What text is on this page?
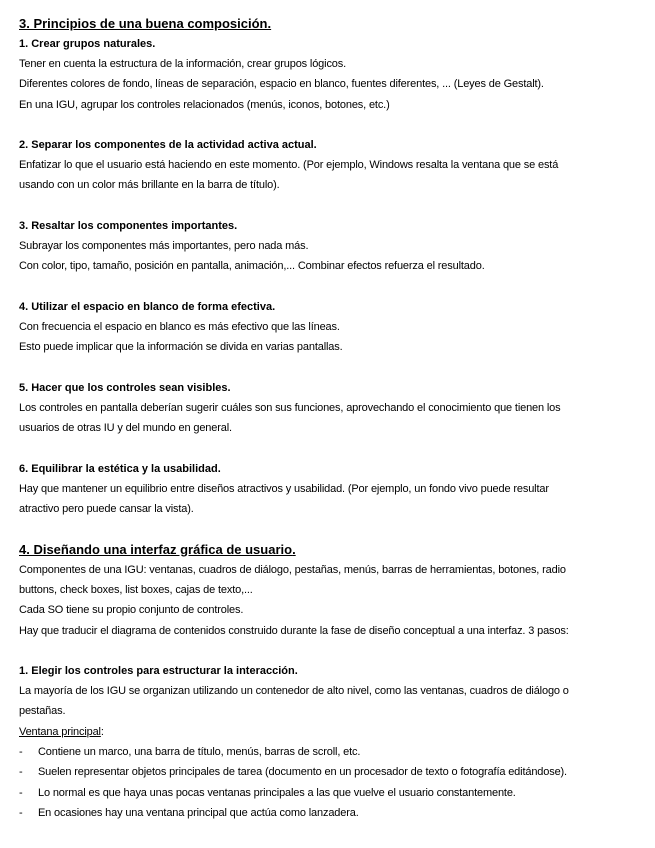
3. Principios de una buena composición.
1. Crear grupos naturales.
Tener en cuenta la estructura de la información, crear grupos lógicos.
Diferentes colores de fondo, líneas de separación, espacio en blanco, fuentes diferentes, ... (Leyes de Gestalt).
En una IGU, agrupar los controles relacionados (menús, iconos, botones, etc.)
2. Separar los componentes de la actividad activa actual.
Enfatizar lo que el usuario está haciendo en este momento. (Por ejemplo, Windows resalta la ventana que se está
usando con un color más brillante en la barra de título).
3. Resaltar los componentes importantes.
Subrayar los componentes más importantes, pero nada más.
Con color, tipo, tamaño, posición en pantalla, animación,... Combinar efectos refuerza el resultado.
4. Utilizar el espacio en blanco de forma efectiva.
Con frecuencia el espacio en blanco es más efectivo que las líneas.
Esto puede implicar que la información se divida en varias pantallas.
5. Hacer que los controles sean visibles.
Los controles en pantalla deberían sugerir cuáles son sus funciones, aprovechando el conocimiento que tienen los
usuarios de otras IU y del mundo en general.
6. Equilibrar la estética y la usabilidad.
Hay que mantener un equilibrio entre diseños atractivos y usabilidad. (Por ejemplo, un fondo vivo puede resultar
atractivo pero puede cansar la vista).
4. Diseñando una interfaz gráfica de usuario.
Componentes de una IGU: ventanas, cuadros de diálogo, pestañas, menús, barras de herramientas, botones, radio
buttons, check boxes, list boxes, cajas de texto,...
Cada SO tiene su propio conjunto de controles.
Hay que traducir el diagrama de contenidos construido durante la fase de diseño conceptual a una interfaz. 3 pasos:
1. Elegir los controles para estructurar la interacción.
La mayoría de los IGU se organizan utilizando un contenedor de alto nivel, como las ventanas, cuadros de diálogo o
pestañas.
Ventana principal:
-	Contiene un marco, una barra de título, menús, barras de scroll, etc.
-	Suelen representar objetos principales de tarea (documento en un procesador de texto o fotografía editándose).
-	Lo normal es que haya unas pocas ventanas principales a las que vuelve el usuario constantemente.
-	En ocasiones hay una ventana principal que actúa como lanzadera.
